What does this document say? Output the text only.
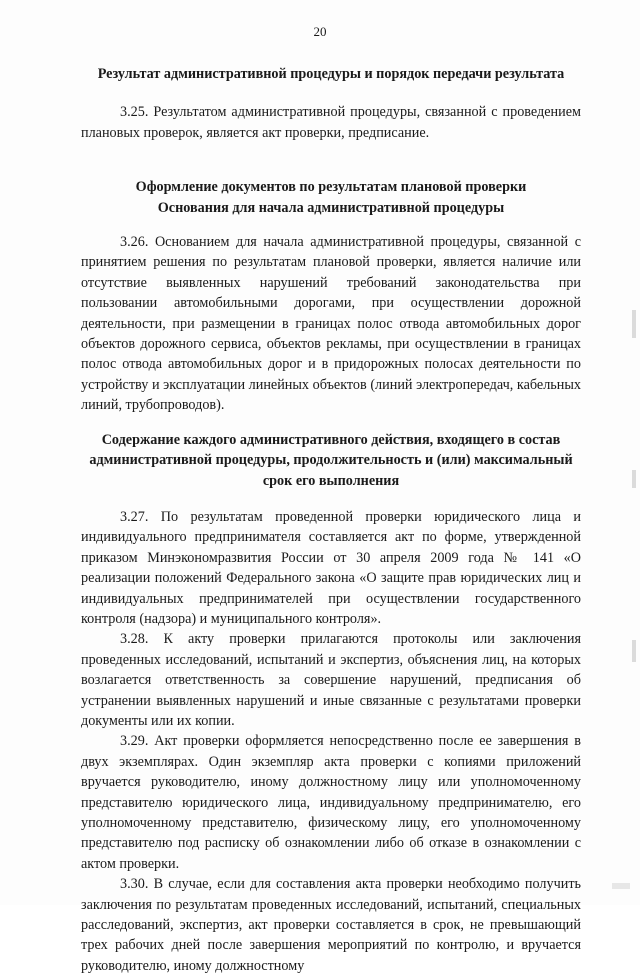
20

Результат административной процедуры и порядок передачи результата

3.25. Результатом административной процедуры, связанной с проведением плановых проверок, является акт проверки, предписание.

Оформление документов по результатам плановой проверки

Основания для начала административной процедуры

3.26. Основанием для начала административной процедуры, связанной с принятием решения по результатам плановой проверки, является наличие или отсутствие выявленных нарушений требований законодательства при пользовании автомобильными дорогами, при осуществлении дорожной деятельности, при размещении в границах полос отвода автомобильных дорог объектов дорожного сервиса, объектов рекламы, при осуществлении в границах полос отвода автомобильных дорог и в придорожных полосах деятельности по устройству и эксплуатации линейных объектов (линий электропередач, кабельных линий, трубопроводов).

Содержание каждого административного действия, входящего в состав административной процедуры, продолжительность и (или) максимальный срок его выполнения

3.27. По результатам проведенной проверки юридического лица и индивидуального предпринимателя составляется акт по форме, утвержденной приказом Минэкономразвития России от 30 апреля 2009 года № 141 «О реализации положений Федерального закона «О защите прав юридических лиц и индивидуальных предпринимателей при осуществлении государственного контроля (надзора) и муниципального контроля».

3.28. К акту проверки прилагаются протоколы или заключения проведенных исследований, испытаний и экспертиз, объяснения лиц, на которых возлагается ответственность за совершение нарушений, предписания об устранении выявленных нарушений и иные связанные с результатами проверки документы или их копии.

3.29. Акт проверки оформляется непосредственно после ее завершения в двух экземплярах. Один экземпляр акта проверки с копиями приложений вручается руководителю, иному должностному лицу или уполномоченному представителю юридического лица, индивидуальному предпринимателю, его уполномоченному представителю, физическому лицу, его уполномоченному представителю под расписку об ознакомлении либо об отказе в ознакомлении с актом проверки.

3.30. В случае, если для составления акта проверки необходимо получить заключения по результатам проведенных исследований, испытаний, специальных расследований, экспертиз, акт проверки составляется в срок, не превышающий трех рабочих дней после завершения мероприятий по контролю, и вручается руководителю, иному должностному
